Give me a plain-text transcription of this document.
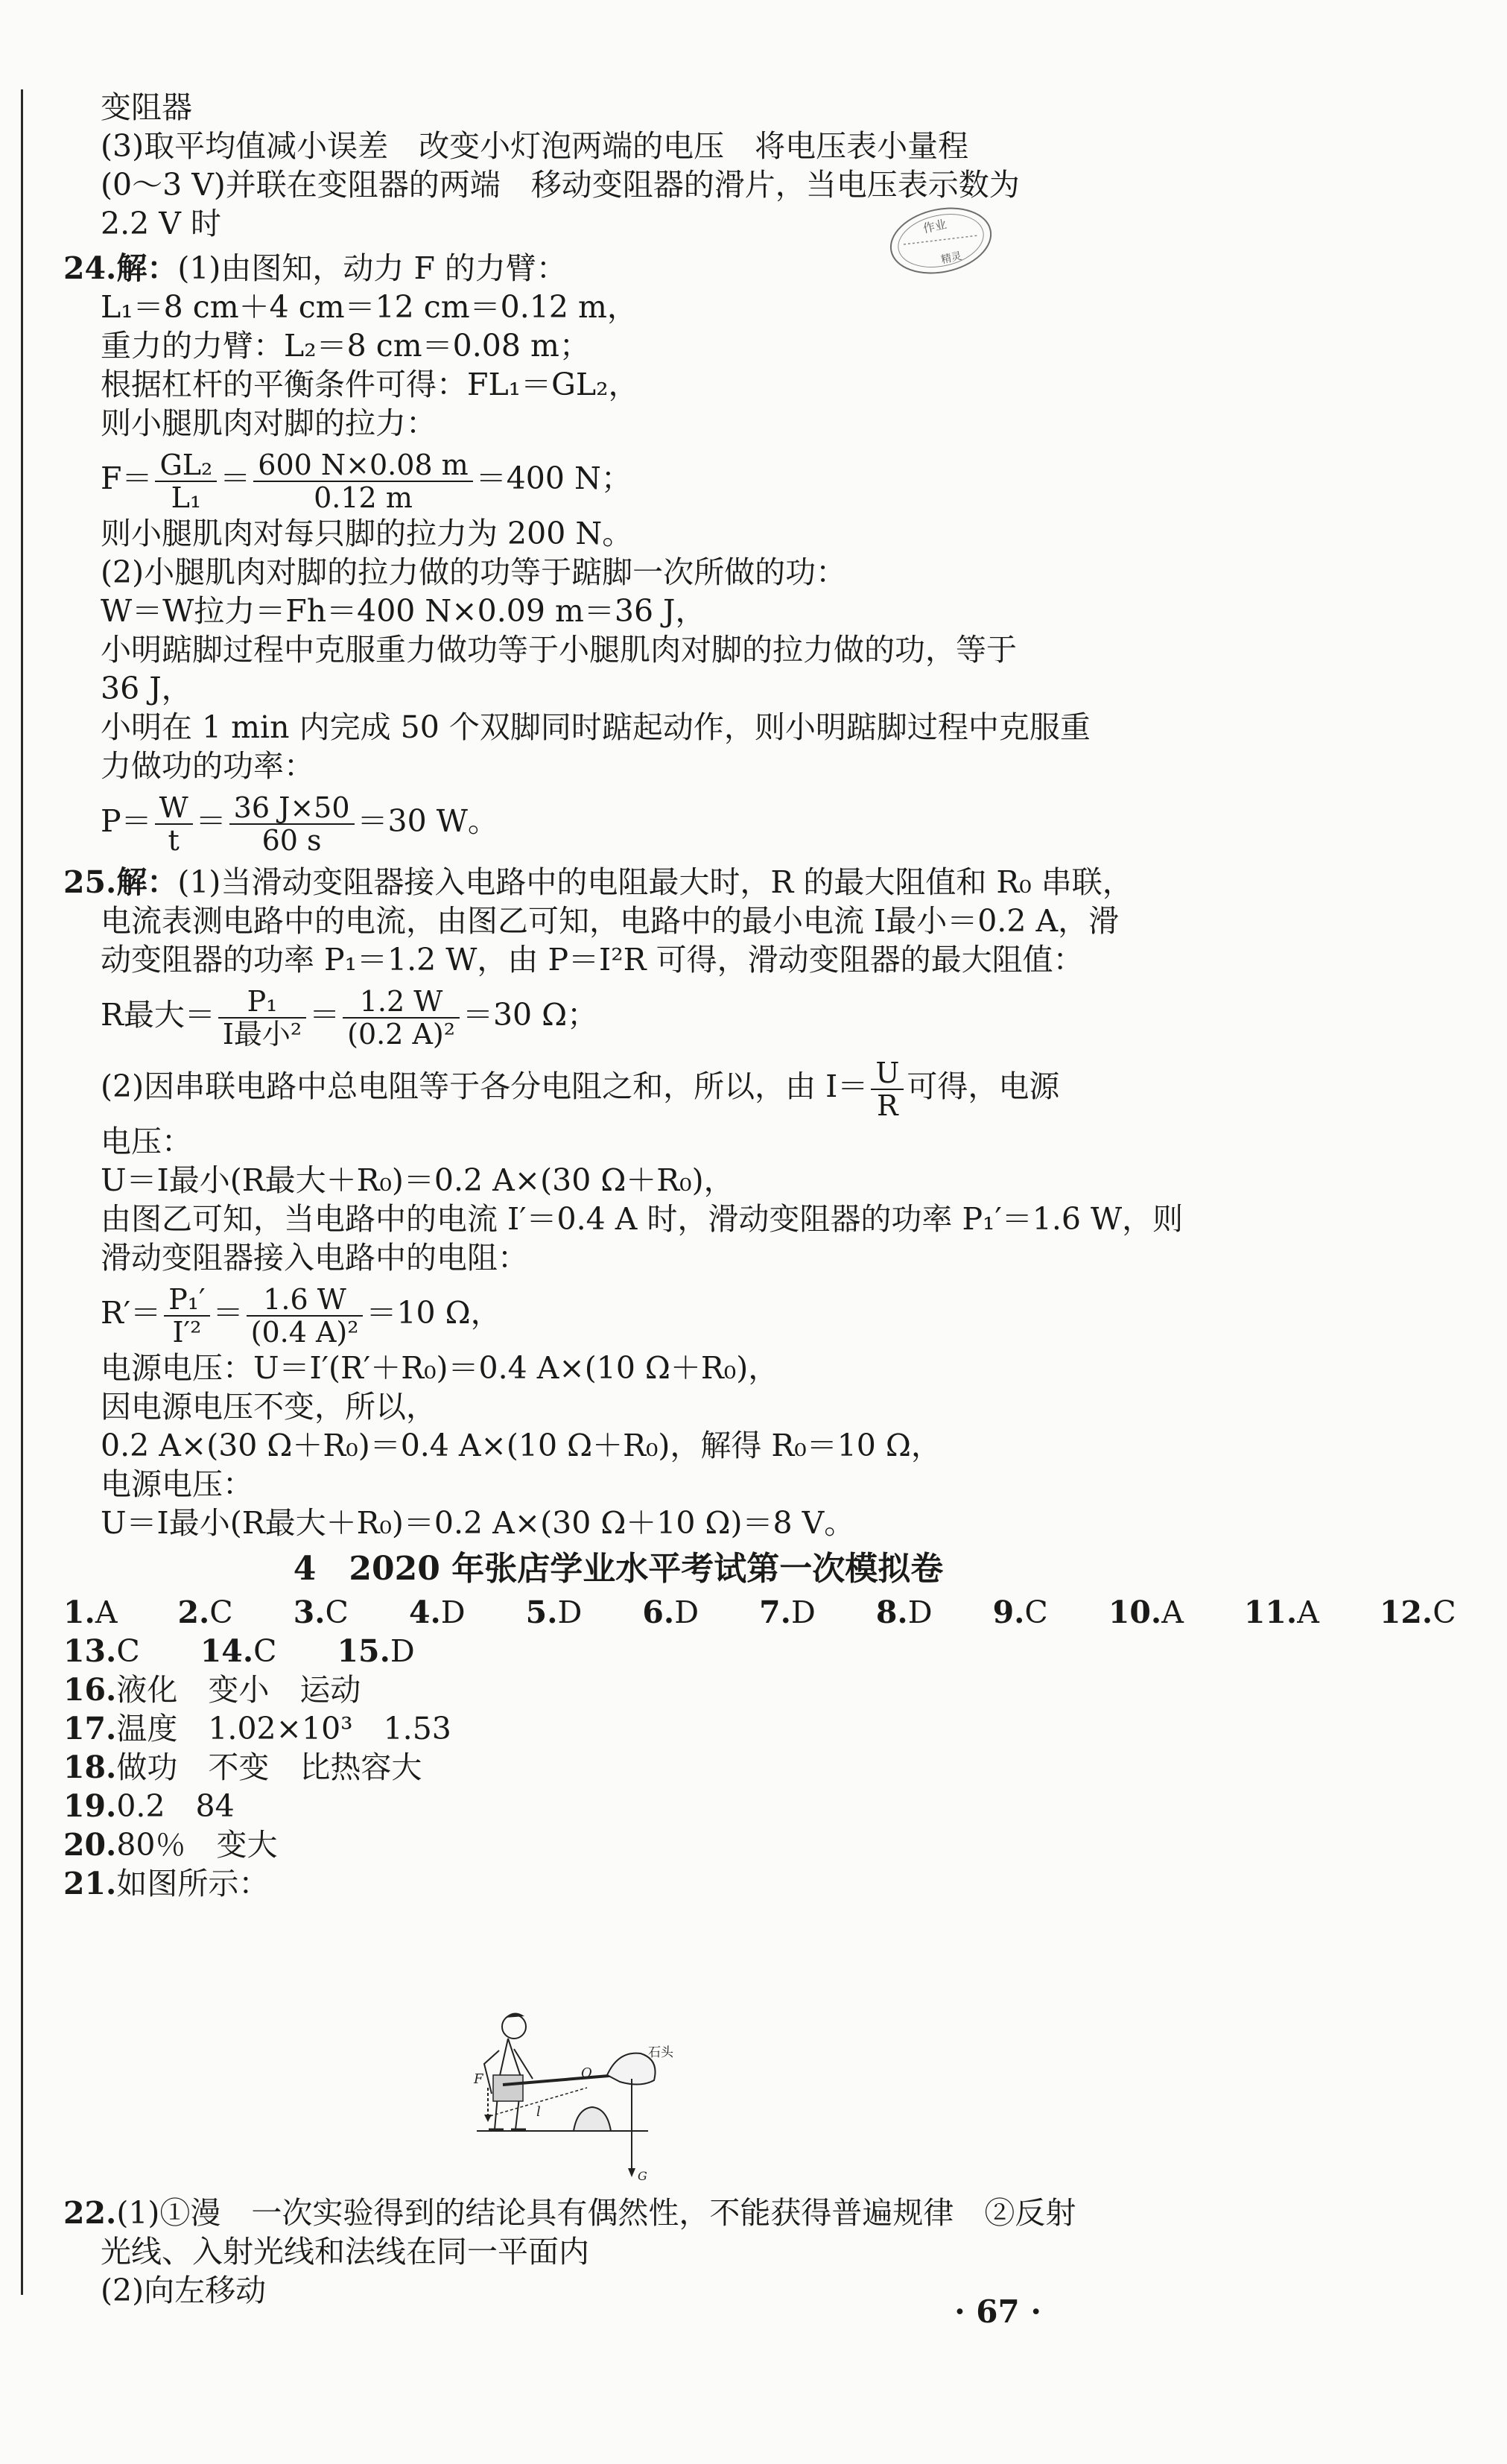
作业
精灵

变阻器

(3)取平均值减小误差　改变小灯泡两端的电压　将电压表小量程

(0～3 V)并联在变阻器的两端　移动变阻器的滑片，当电压表示数为

2.2 V 时

24.解：(1)由图知，动力 F 的力臂：

L₁＝8 cm＋4 cm＝12 cm＝0.12 m，

重力的力臂：L₂＝8 cm＝0.08 m；

根据杠杆的平衡条件可得：FL₁＝GL₂，

则小腿肌肉对脚的拉力：

$F= \frac{\text{GL₂}}{\text{L₁}} = \frac{600 N\times 0.08 m}{0.12 m} =400$ N；

则小腿肌肉对每只脚的拉力为 200 N。

(2)小腿肌肉对脚的拉力做的功等于踮脚一次所做的功：

W＝W拉力＝Fh＝400 N×0.09 m＝36 J，

小明踮脚过程中克服重力做功等于小腿肌肉对脚的拉力做的功，等于

36 J，

小明在 1 min 内完成 50 个双脚同时踮起动作，则小明踮脚过程中克服重

力做功的功率：

$P= \frac{W}{t} = \frac{36 J\times 50}{60 s} =30$ W。

25.解：(1)当滑动变阻器接入电路中的电阻最大时，R 的最大阻值和 R₀ 串联，

电流表测电路中的电流，由图乙可知，电路中的最小电流 I最小＝0.2 A，滑

动变阻器的功率 P₁＝1.2 W，由 P＝I²R 可得，滑动变阻器的最大阻值：

R最大＝ $\frac{\text{P₁}}{\text{I最小²}} = \frac{1.2 W}{\text{(0.2 A)²}} =30$ Ω；

(2)因串联电路中总电阻等于各分电阻之和，所以，由 $I= \frac{U}{R}$ 可得，电源

电压：

U＝I最小(R最大＋R₀)＝0.2 A×(30 Ω＋R₀)，

由图乙可知，当电路中的电流 I′＝0.4 A 时，滑动变阻器的功率 P₁′＝1.6 W，则

滑动变阻器接入电路中的电阻：

$R'= \frac{\text{P₁′}}{\text{I′²}} = \frac{1.6 W}{\text{(0.4 A)²}} =10$ Ω，

电源电压：U＝I′(R′＋R₀)＝0.4 A×(10 Ω＋R₀)，

因电源电压不变，所以，

0.2 A×(30 Ω＋R₀)＝0.4 A×(10 Ω＋R₀)，解得 R₀＝10 Ω，

电源电压：

U＝I最小(R最大＋R₀)＝0.2 A×(30 Ω＋10 Ω)＝8 V。

4　2020 年张店学业水平考试第一次模拟卷

1.A 2.C 3.C 4.D 5.D 6.D 7.D 8.D 9.C 10.A 11.A 12.C

13.C 14.C 15.D

16.液化　变小　运动

17.温度　1.02×10³　1.53

18.做功　不变　比热容大

19.0.2　84

20.80％　变大

21.如图所示：

F	O
石头
l
G

22.(1)①漫　一次实验得到的结论具有偶然性，不能获得普遍规律　②反射

光线、入射光线和法线在同一平面内

(2)向左移动

· 67 ·
